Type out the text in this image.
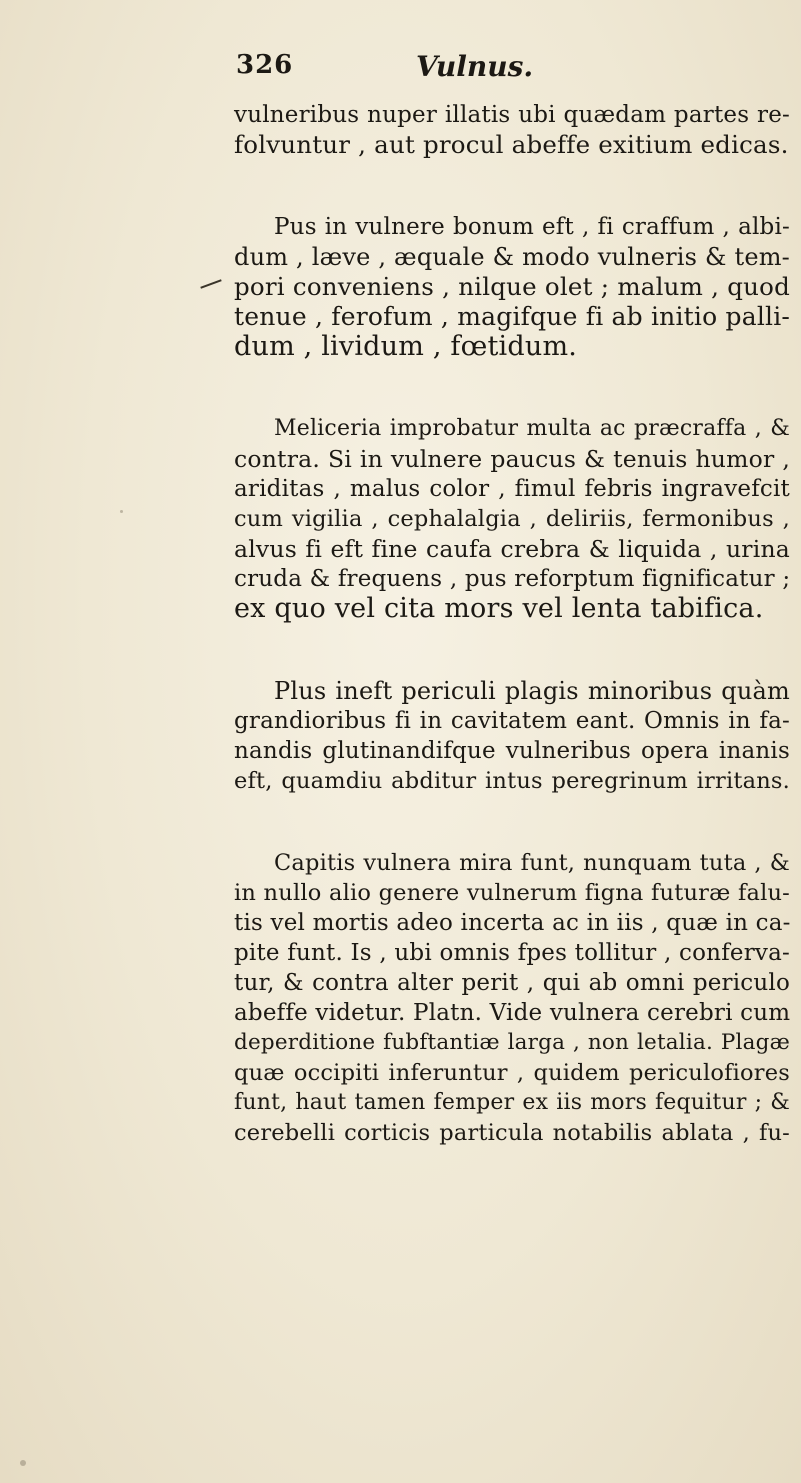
326	Vulnus.
vulneribus nuper illatis ubi quædam partes re-
folvuntur , aut procul abeffe exitium edicas.
Pus in vulnere bonum eft , fi craffum , albi-
dum , læve , æquale & modo vulneris & tem-
pori conveniens , nilque olet ; malum , quod
tenue , ferofum , magifque fi ab initio palli-
dum , lividum , fœtidum.
Meliceria improbatur multa ac præcraffa , &
contra. Si in vulnere paucus & tenuis humor ,
ariditas , malus color , fimul febris ingravefcit
cum vigilia , cephalalgia , deliriis, fermonibus ,
alvus fi eft fine caufa crebra & liquida , urina
cruda & frequens , pus reforptum fignificatur ;
ex quo vel cita mors vel lenta tabifica.
Plus ineft periculi plagis minoribus quàm
grandioribus fi in cavitatem eant. Omnis in fa-
nandis glutinandifque vulneribus opera inanis
eft, quamdiu abditur intus peregrinum irritans.
Capitis vulnera mira funt, nunquam tuta , &
in nullo alio genere vulnerum figna futuræ falu-
tis vel mortis adeo incerta ac in iis , quæ in ca-
pite funt. Is , ubi omnis fpes tollitur , conferva-
tur, & contra alter perit , qui ab omni periculo
abeffe videtur. Platn. Vide vulnera cerebri cum
deperditione fubftantiæ larga , non letalia. Plagæ
quæ occipiti inferuntur , quidem periculofiores
funt, haut tamen femper ex iis mors fequitur ; &
cerebelli corticis particula notabilis ablata , fu-
